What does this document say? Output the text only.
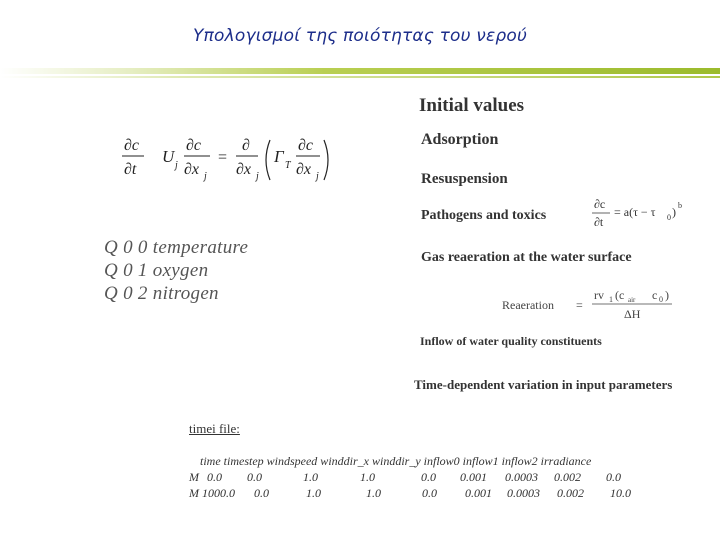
Υπολογισμοί της ποιότητας του νερού
∂c
∂t
U j
∂c
∂x j
=
∂
∂x j
Γ T
∂c
∂x j
Q 0 0 temperature
Q 0 1 oxygen
Q 0 2 nitrogen
Initial values
Adsorption
Resuspension
Pathogens and toxics
∂c
∂t
= a(τ − τ 0 ) b
Gas reaeration at the water surface
Reaeration =
rv 1 (c air c 0 )
ΔH
Inflow of water quality constituents
Time-dependent variation in input parameters
timei file:
time timestep windspeed winddir_x winddir_y inflow0 inflow1 inflow2 irradiance
M 0.0 0.0	1.0	1.0	0.0 0.001 0.0003 0.002 0.0
M 1000.0 0.0	1.0	1.0	0.0 0.001 0.0003 0.002 10.0
